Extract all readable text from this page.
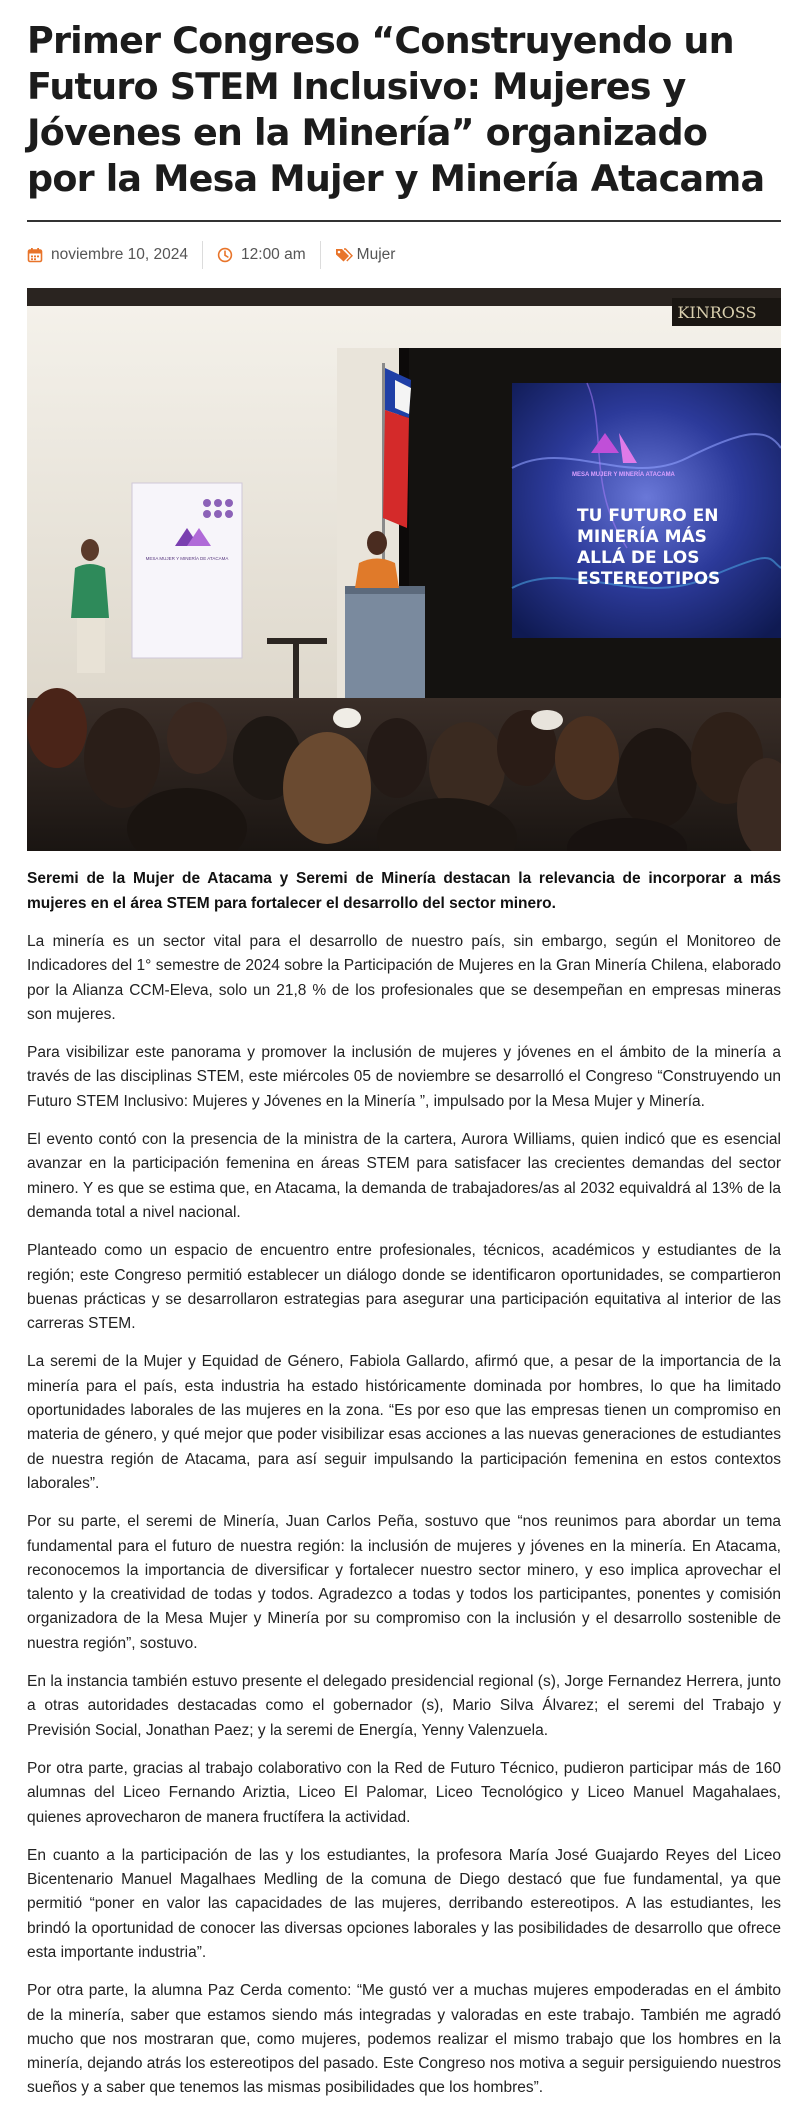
Primer Congreso “Construyendo un Futuro STEM Inclusivo: Mujeres y Jóvenes en la Minería” organizado por la Mesa Mujer y Minería Atacama
noviembre 10, 2024	12:00 am	Mujer
KINROSS
MESA MUJER Y MINERÍA ATACAMA
TU FUTURO EN
MINERÍA MÁS
ALLÁ DE LOS
ESTEREOTIPOS
MESA MUJER Y MINERÍA DE ATACAMA

Seremi de la Mujer de Atacama y Seremi de Minería destacan la relevancia de incorporar a más mujeres en el área STEM para fortalecer el desarrollo del sector minero.

La minería es un sector vital para el desarrollo de nuestro país, sin embargo, según el Monitoreo de Indicadores del 1° semestre de 2024 sobre la Participación de Mujeres en la Gran Minería Chilena, elaborado por la Alianza CCM-Eleva, solo un 21,8 % de los profesionales que se desempeñan en empresas mineras son mujeres.

Para visibilizar este panorama y promover la inclusión de mujeres y jóvenes en el ámbito de la minería a través de las disciplinas STEM, este miércoles 05 de noviembre se desarrolló el Congreso “Construyendo un Futuro STEM Inclusivo: Mujeres y Jóvenes en la Minería ”, impulsado por la Mesa Mujer y Minería.

El evento contó con la presencia de la ministra de la cartera, Aurora Williams, quien indicó que es esencial avanzar en la participación femenina en áreas STEM para satisfacer las crecientes demandas del sector minero. Y es que se estima que, en Atacama, la demanda de trabajadores/as al 2032 equivaldrá al 13% de la demanda total a nivel nacional.

Planteado como un espacio de encuentro entre profesionales, técnicos, académicos y estudiantes de la región; este Congreso permitió establecer un diálogo donde se identificaron oportunidades, se compartieron buenas prácticas y se desarrollaron estrategias para asegurar una participación equitativa al interior de las carreras STEM.

La seremi de la Mujer y Equidad de Género, Fabiola Gallardo, afirmó que, a pesar de la importancia de la minería para el país, esta industria ha estado históricamente dominada por hombres, lo que ha limitado oportunidades laborales de las mujeres en la zona. “Es por eso que las empresas tienen un compromiso en materia de género, y qué mejor que poder visibilizar esas acciones a las nuevas generaciones de estudiantes de nuestra región de Atacama, para así seguir impulsando la participación femenina en estos contextos laborales”.

Por su parte, el seremi de Minería, Juan Carlos Peña, sostuvo que “nos reunimos para abordar un tema fundamental para el futuro de nuestra región: la inclusión de mujeres y jóvenes en la minería. En Atacama, reconocemos la importancia de diversificar y fortalecer nuestro sector minero, y eso implica aprovechar el talento y la creatividad de todas y todos. Agradezco a todas y todos los participantes, ponentes y comisión organizadora de la Mesa Mujer y Minería por su compromiso con la inclusión y el desarrollo sostenible de nuestra región”, sostuvo.

En la instancia también estuvo presente el delegado presidencial regional (s), Jorge Fernandez Herrera, junto a otras autoridades destacadas como el gobernador (s), Mario Silva Álvarez; el seremi del Trabajo y Previsión Social, Jonathan Paez; y la seremi de Energía, Yenny Valenzuela.

Por otra parte, gracias al trabajo colaborativo con la Red de Futuro Técnico, pudieron participar más de 160 alumnas del Liceo Fernando Ariztia, Liceo El Palomar, Liceo Tecnológico y Liceo Manuel Magahalaes, quienes aprovecharon de manera fructífera la actividad.

En cuanto a la participación de las y los estudiantes, la profesora María José Guajardo Reyes del Liceo Bicentenario Manuel Magalhaes Medling de la comuna de Diego destacó que fue fundamental, ya que permitió “poner en valor las capacidades de las mujeres, derribando estereotipos. A las estudiantes, les brindó la oportunidad de conocer las diversas opciones laborales y las posibilidades de desarrollo que ofrece esta importante industria”.

Por otra parte, la alumna Paz Cerda comento: “Me gustó ver a muchas mujeres empoderadas en el ámbito de la minería, saber que estamos siendo más integradas y valoradas en este trabajo. También me agradó mucho que nos mostraran que, como mujeres, podemos realizar el mismo trabajo que los hombres en la minería, dejando atrás los estereotipos del pasado. Este Congreso nos motiva a seguir persiguiendo nuestros sueños y a saber que tenemos las mismas posibilidades que los hombres”.
